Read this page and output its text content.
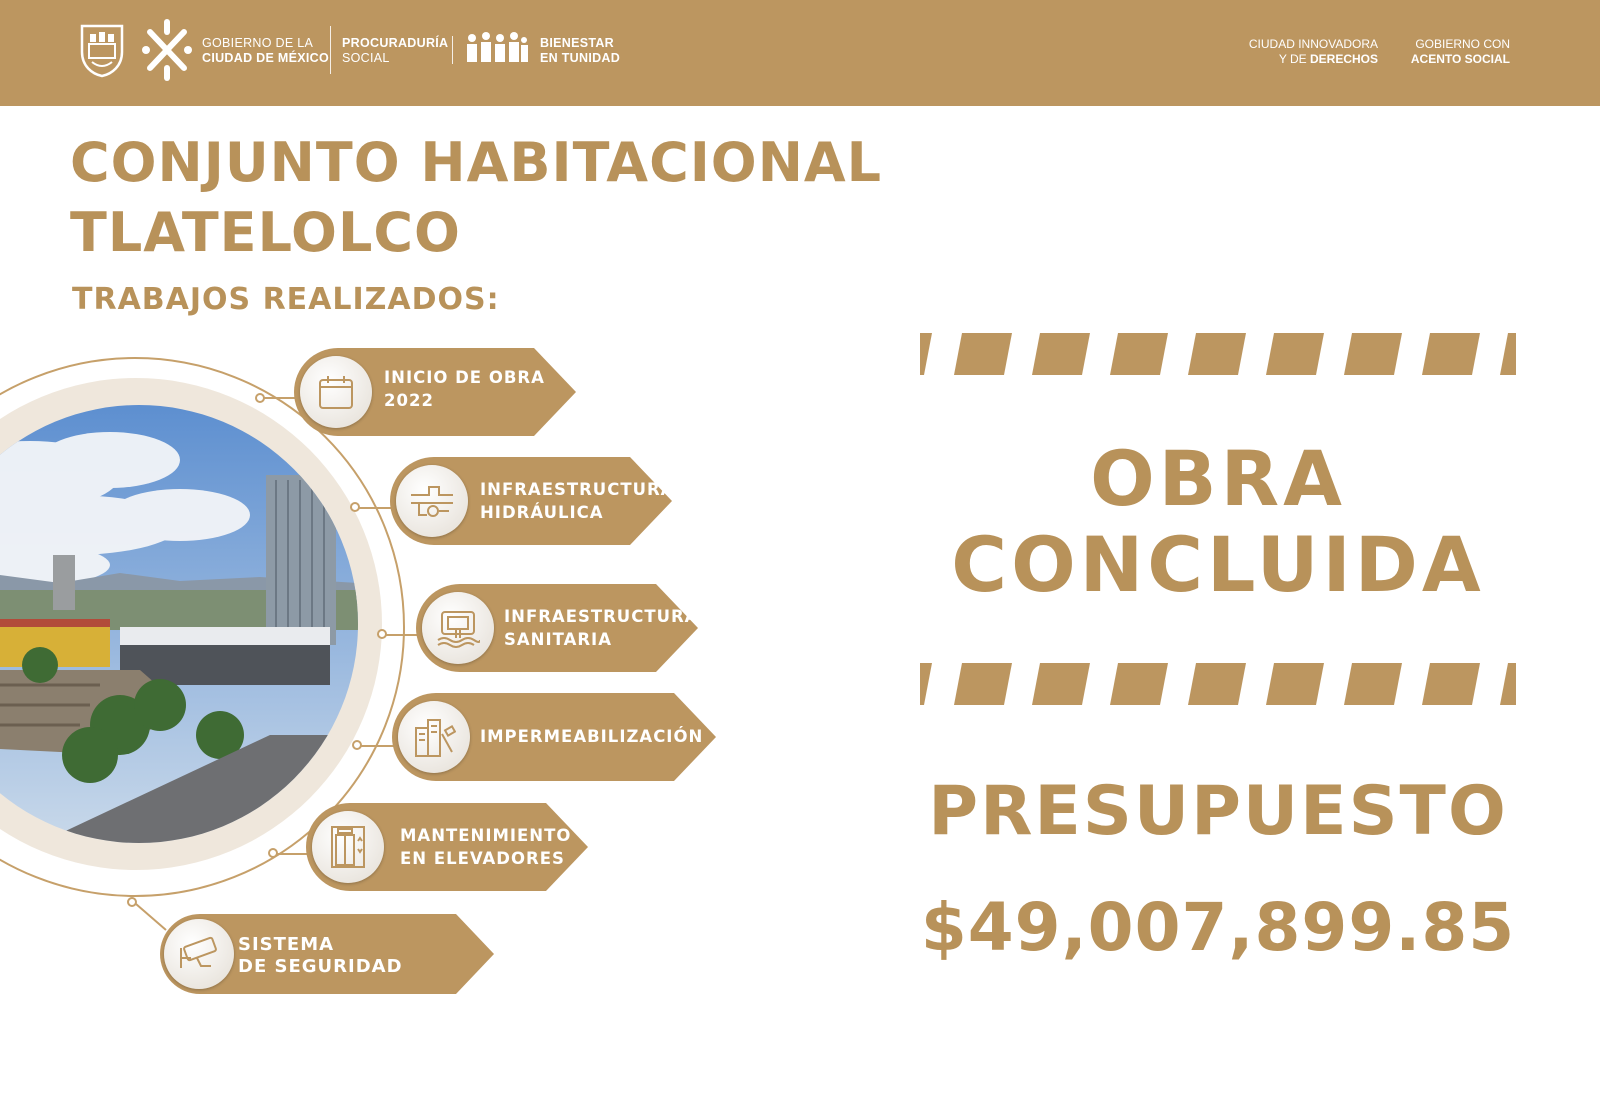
GOBIERNO DE LA
CIUDAD DE MÉXICO
PROCURADURÍA
SOCIAL
BIENESTAR
EN TUNIDAD
CIUDAD INNOVADORA
Y DE DERECHOS
GOBIERNO CON
ACENTO SOCIAL
CONJUNTO HABITACIONAL
TLATELOLCO
TRABAJOS REALIZADOS:
INICIO DE OBRA
2022
INFRAESTRUCTURA
HIDRÁULICA
INFRAESTRUCTURA
SANITARIA
IMPERMEABILIZACIÓN
MANTENIMIENTO
EN ELEVADORES
SISTEMA
DE SEGURIDAD
OBRA
CONCLUIDA
PRESUPUESTO
$49,007,899.85
